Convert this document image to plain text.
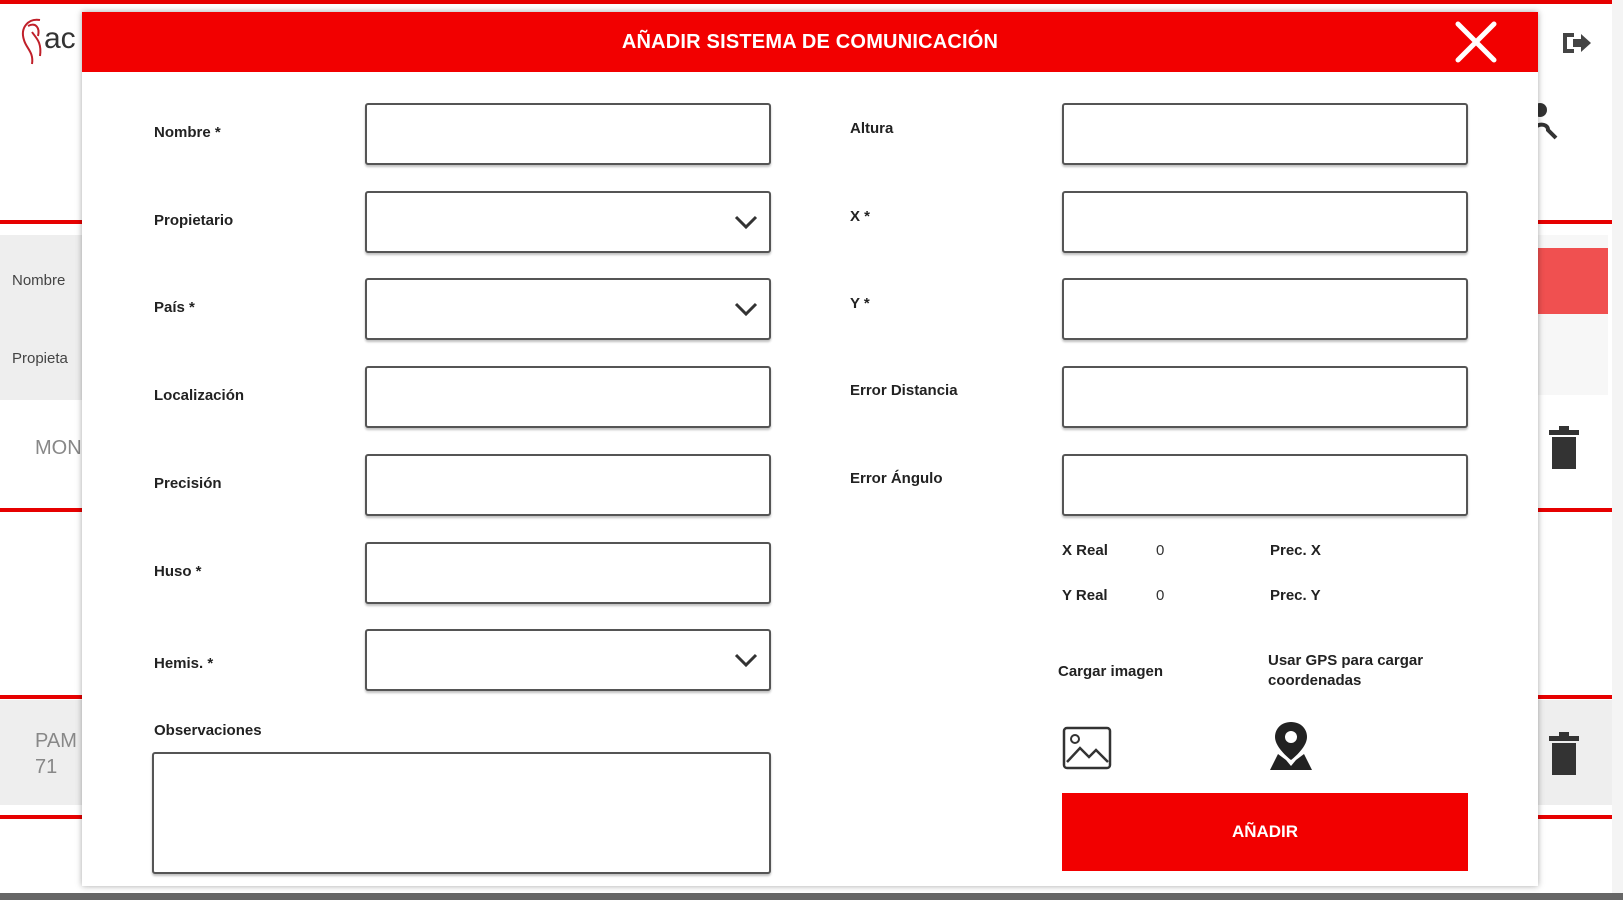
ac
Nombre
Propieta
MON
PAM
71
AÑADIR SISTEMA DE COMUNICACIÓN
Nombre *
Propietario
País *
Localización
Precisión
Huso *
Hemis. *
Observaciones
Altura
X *
Y *
Error Distancia
Error Ángulo
X Real	0	Prec. X
Y Real	0	Prec. Y
Cargar imagen
Usar GPS para cargar coordenadas
AÑADIR
